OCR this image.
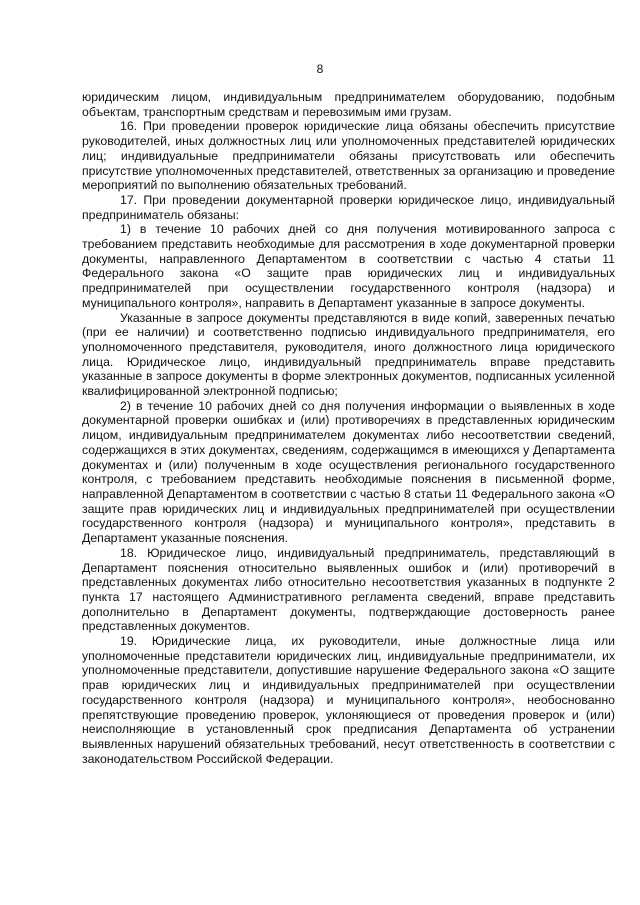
8

юридическим лицом, индивидуальным предпринимателем оборудованию, подобным объектам, транспортным средствам и перевозимым ими грузам.

16. При проведении проверок юридические лица обязаны обеспечить присутствие руководителей, иных должностных лиц или уполномоченных представителей юридических лиц; индивидуальные предприниматели обязаны присутствовать или обеспечить присутствие уполномоченных представителей, ответственных за организацию и проведение мероприятий по выполнению обязательных требований.

17. При проведении документарной проверки юридическое лицо, индивидуальный предприниматель обязаны:

1) в течение 10 рабочих дней со дня получения мотивированного запроса с требованием представить необходимые для рассмотрения в ходе документарной проверки документы, направленного Департаментом в соответствии с частью 4 статьи 11 Федерального закона «О защите прав юридических лиц и индивидуальных предпринимателей при осуществлении государственного контроля (надзора) и муниципального контроля», направить в Департамент указанные в запросе документы.

Указанные в запросе документы представляются в виде копий, заверенных печатью (при ее наличии) и соответственно подписью индивидуального предпринимателя, его уполномоченного представителя, руководителя, иного должностного лица юридического лица. Юридическое лицо, индивидуальный предприниматель вправе представить указанные в запросе документы в форме электронных документов, подписанных усиленной квалифицированной электронной подписью;

2) в течение 10 рабочих дней со дня получения информации о выявленных в ходе документарной проверки ошибках и (или) противоречиях в представленных юридическим лицом, индивидуальным предпринимателем документах либо несоответствии сведений, содержащихся в этих документах, сведениям, содержащимся в имеющихся у Департамента документах и (или) полученным в ходе осуществления регионального государственного контроля, с требованием представить необходимые пояснения в письменной форме, направленной Департаментом в соответствии с частью 8 статьи 11 Федерального закона «О защите прав юридических лиц и индивидуальных предпринимателей при осуществлении государственного контроля (надзора) и муниципального контроля», представить в Департамент указанные пояснения.

18. Юридическое лицо, индивидуальный предприниматель, представляющий в Департамент пояснения относительно выявленных ошибок и (или) противоречий в представленных документах либо относительно несоответствия указанных в подпункте 2 пункта 17 настоящего Административного регламента сведений, вправе представить дополнительно в Департамент документы, подтверждающие достоверность ранее представленных документов.

19. Юридические лица, их руководители, иные должностные лица или уполномоченные представители юридических лиц, индивидуальные предприниматели, их уполномоченные представители, допустившие нарушение Федерального закона «О защите прав юридических лиц и индивидуальных предпринимателей при осуществлении государственного контроля (надзора) и муниципального контроля», необоснованно препятствующие проведению проверок, уклоняющиеся от проведения проверок и (или) неисполняющие в установленный срок предписания Департамента об устранении выявленных нарушений обязательных требований, несут ответственность в соответствии с законодательством Российской Федерации.
